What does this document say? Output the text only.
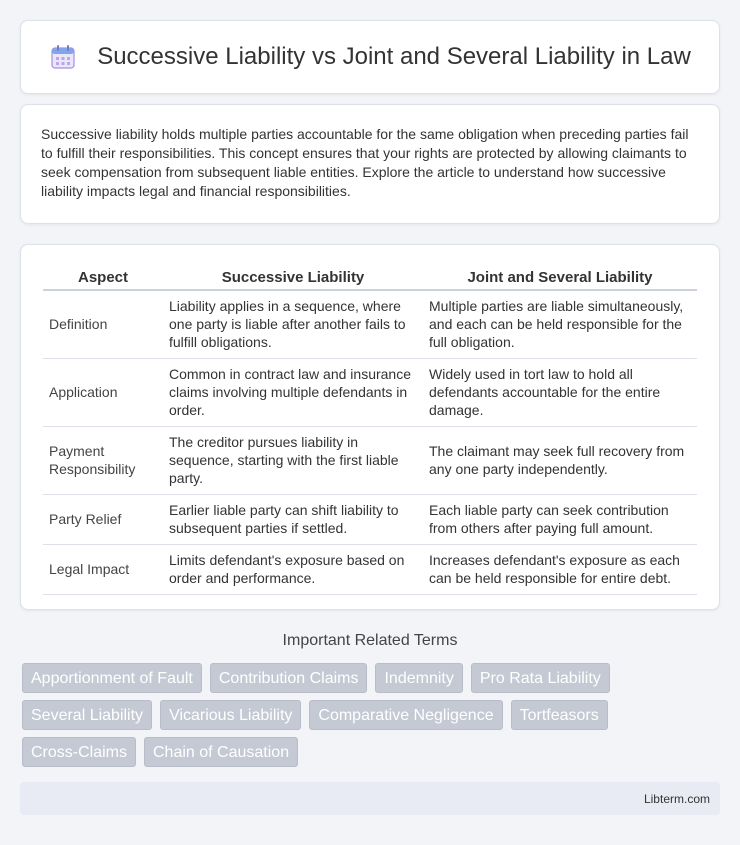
Successive Liability vs Joint and Several Liability in Law

Successive liability holds multiple parties accountable for the same obligation when preceding parties fail to fulfill their responsibilities. This concept ensures that your rights are protected by allowing claimants to seek compensation from subsequent liable entities. Explore the article to understand how successive liability impacts legal and financial responsibilities.

Aspect	Successive Liability	Joint and Several Liability
Definition	Liability applies in a sequence, where one party is liable after another fails to fulfill obligations.	Multiple parties are liable simultaneously, and each can be held responsible for the full obligation.
Application	Common in contract law and insurance claims involving multiple defendants in order.	Widely used in tort law to hold all defendants accountable for the entire damage.
Payment Responsibility	The creditor pursues liability in sequence, starting with the first liable party.	The claimant may seek full recovery from any one party independently.
Party Relief	Earlier liable party can shift liability to subsequent parties if settled.	Each liable party can seek contribution from others after paying full amount.
Legal Impact	Limits defendant's exposure based on order and performance.	Increases defendant's exposure as each can be held responsible for entire debt.
Important Related Terms
Apportionment of Fault	Contribution Claims	Indemnity	Pro Rata Liability
Several Liability	Vicarious Liability	Comparative Negligence	Tortfeasors
Cross-Claims	Chain of Causation
Libterm.com
